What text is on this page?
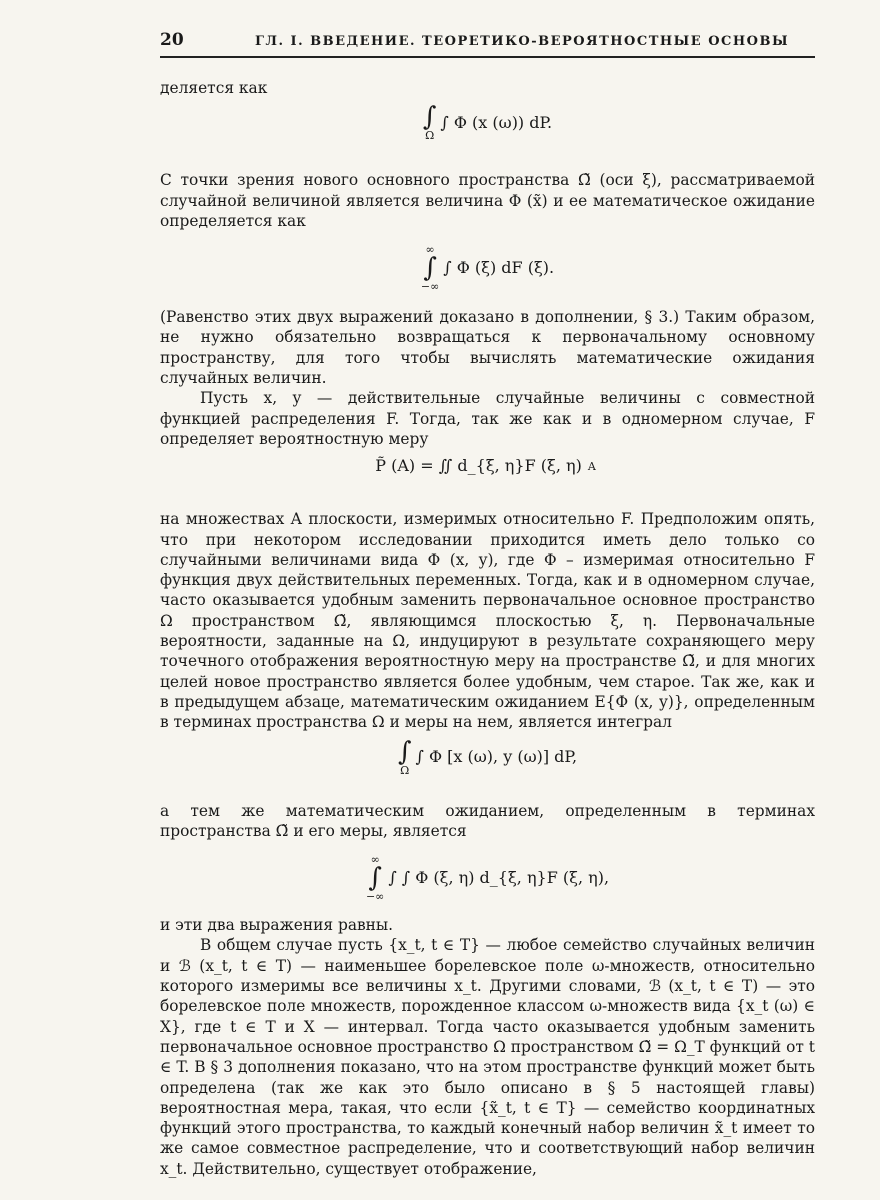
20	ГЛ. I. ВВЕДЕНИЕ. ТЕОРЕТИКО-ВЕРОЯТНОСТНЫЕ ОСНОВЫ

деляется как

∫
Ω
∫ Φ (x (ω)) dP.

С точки зрения нового основного пространства Ω̃ (оси ξ), рассматриваемой случайной величиной является величина Φ (x̃) и ее математическое ожидание определяется как

∞
∫
−∞
∫ Φ (ξ) dF (ξ).

(Равенство этих двух выражений доказано в дополнении, § 3.) Таким образом, не нужно обязательно возвращаться к первоначальному основному пространству, для того чтобы вычислять математические ожидания случайных величин.

Пусть x, y — действительные случайные величины с совместной функцией распределения F. Тогда, так же как и в одномерном случае, F определяет вероятностную меру

P̃ (A) = ∬ d_{ξ, η}F (ξ, η) A

на множествах A плоскости, измеримых относительно F. Предположим опять, что при некотором исследовании приходится иметь дело только со случайными величинами вида Φ (x, y), где Φ – измеримая относительно F функция двух действительных переменных. Тогда, как и в одномерном случае, часто оказывается удобным заменить первоначальное основное пространство Ω пространством Ω̃, являющимся плоскостью ξ, η. Первоначальные вероятности, заданные на Ω, индуцируют в результате сохраняющего меру точечного отображения вероятностную меру на пространстве Ω̃, и для многих целей новое пространство является более удобным, чем старое. Так же, как и в предыдущем абзаце, математическим ожиданием E{Φ (x, y)}, определенным в терминах пространства Ω и меры на нем, является интеграл

∫
Ω
∫ Φ [x (ω), y (ω)] dP,

а тем же математическим ожиданием, определенным в терминах пространства Ω̃ и его меры, является

∞
∫
−∞
∫ ∫ Φ (ξ, η) d_{ξ, η}F (ξ, η),

и эти два выражения равны.

В общем случае пусть {x_t, t ∈ T} — любое семейство случайных величин и ℬ (x_t, t ∈ T) — наименьшее борелевское поле ω-множеств, относительно которого измеримы все величины x_t. Другими словами, ℬ (x_t, t ∈ T) — это борелевское поле множеств, порожденное классом ω-множеств вида {x_t (ω) ∈ X}, где t ∈ T и X — интервал. Тогда часто оказывается удобным заменить первоначальное основное пространство Ω пространством Ω̃ = Ω_T функций от t ∈ T. В § 3 дополнения показано, что на этом пространстве функций может быть определена (так же как это было описано в § 5 настоящей главы) вероятностная мера, такая, что если {x̃_t, t ∈ T} — семейство координатных функций этого пространства, то каждый конечный набор величин x̃_t имеет то же самое совместное распределение, что и соответствующий набор величин x_t. Действительно, существует отображение,
